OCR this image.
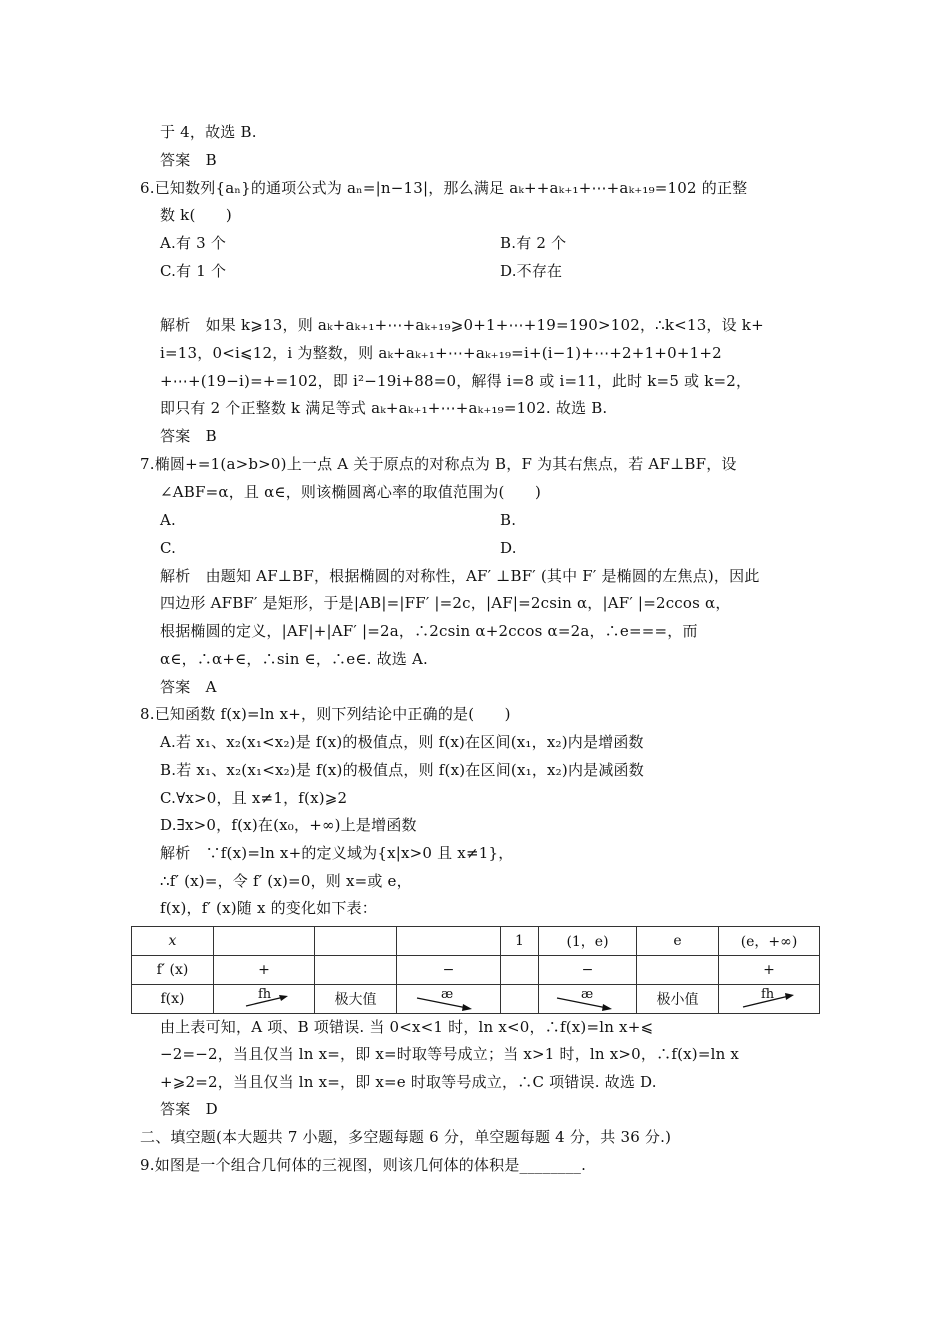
于 4，故选 B.
答案　B
6.已知数列{aₙ}的通项公式为 aₙ=|n−13|，那么满足 aₖ++aₖ₊₁+⋯+aₖ₊₁₉=102 的正整
数 k(　　)
A.有 3 个	B.有 2 个
C.有 1 个	D.不存在
解析　如果 k⩾13，则 aₖ+aₖ₊₁+⋯+aₖ₊₁₉⩾0+1+⋯+19=190>102，∴k<13，设 k+
i=13，0<i⩽12，i 为整数，则 aₖ+aₖ₊₁+⋯+aₖ₊₁₉=i+(i−1)+⋯+2+1+0+1+2
+⋯+(19−i)=+=102，即 i²−19i+88=0，解得 i=8 或 i=11，此时 k=5 或 k=2，
即只有 2 个正整数 k 满足等式 aₖ+aₖ₊₁+⋯+aₖ₊₁₉=102. 故选 B.
答案　B
7.椭圆+=1(a>b>0)上一点 A 关于原点的对称点为 B，F 为其右焦点，若 AF⊥BF，设
∠ABF=α，且 α∈，则该椭圆离心率的取值范围为(　　)
A.	B.
C.	D.
解析　由题知 AF⊥BF，根据椭圆的对称性，AF′ ⊥BF′ (其中 F′ 是椭圆的左焦点)，因此
四边形 AFBF′ 是矩形，于是|AB|=|FF′ |=2c，|AF|=2csin α，|AF′ |=2ccos α，
根据椭圆的定义，|AF|+|AF′ |=2a，∴2csin α+2ccos α=2a，∴e===，而
α∈，∴α+∈，∴sin ∈，∴e∈. 故选 A.
答案　A
8.已知函数 f(x)=ln x+，则下列结论中正确的是(　　)
A.若 x₁、x₂(x₁<x₂)是 f(x)的极值点，则 f(x)在区间(x₁，x₂)内是增函数
B.若 x₁、x₂(x₁<x₂)是 f(x)的极值点，则 f(x)在区间(x₁，x₂)内是减函数
C.∀x>0，且 x≠1，f(x)⩾2
D.∃x>0，f(x)在(x₀，+∞)上是增函数
解析　∵f(x)=ln x+的定义域为{x|x>0 且 x≠1}，
∴f′ (x)=，令 f′ (x)=0，则 x=或 e，
f(x)，f′ (x)随 x 的变化如下表：
x				1	(1，e)	e	(e，+∞)
f′ (x)	+		−		−		+
f(x)	fh	极大值	æ		æ	极小值	fh
由上表可知，A 项、B 项错误. 当 0<x<1 时，ln x<0，∴f(x)=ln x+⩽
−2=−2，当且仅当 ln x=，即 x=时取等号成立；当 x>1 时，ln x>0，∴f(x)=ln x
+⩾2=2，当且仅当 ln x=，即 x=e 时取等号成立，∴C 项错误. 故选 D.
答案　D
二、填空题(本大题共 7 小题，多空题每题 6 分，单空题每题 4 分，共 36 分.)
9.如图是一个组合几何体的三视图，则该几何体的体积是________.
